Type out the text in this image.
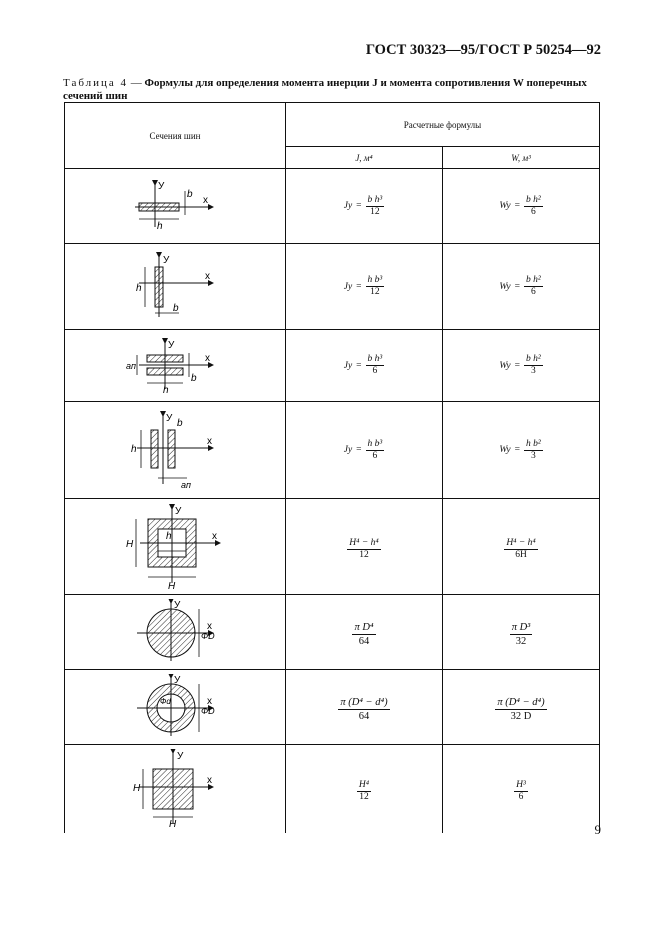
ГОСТ 30323—95/ГОСТ Р 50254—92
Таблица 4 — Формулы для определения момента инерции J и момента сопротивления W поперечных сечений шин
Сечения шин	Расчетные формулы	
	J, м⁴	W, м³

У
х
b
h	$Jy = \frac{\text{b h³}}{12}$	$Wy = \frac{\text{b h²}}{6}$

У
х
h
b	$Jy = \frac{\text{h b³}}{12}$	$Wy = \frac{\text{b h²}}{6}$

У
х
aп
b
h	$Jy = \frac{\text{b h³}}{6}$	$Wy = \frac{\text{b h²}}{3}$

У b
х
h
aп	$Jy = \frac{\text{h b³}}{6}$	$Wy = \frac{\text{h b²}}{3}$

У
х
H
h
H	$\frac{\text{H⁴ − h⁴}}{12}$	$\frac{\text{H⁴ − h⁴}}{6H}$

У
х
ФD	$\frac{\text{π D⁴}}{64}$	$\frac{\text{π D³}}{32}$

У
х
ФD
Фd	$\frac{\text{π (D⁴ − d⁴)}}{64}$	$\frac{\text{π (D⁴ − d⁴)}}{32 D}$

У
х
H
H	$\frac{\text{H⁴}}{12}$	$\frac{\text{H³}}{6}$
9
